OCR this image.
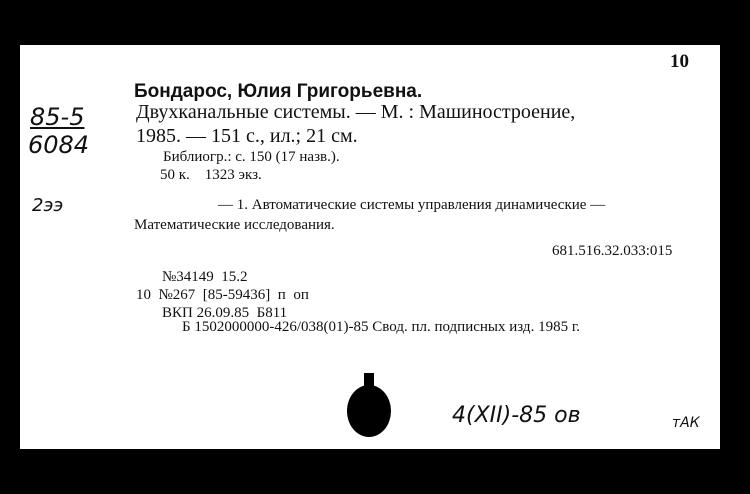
10
Бондарос, Юлия Григорьевна.
Двухканальные системы. — М. : Машиностроение,
1985. — 151 с., ил.; 21 см.
Библиогр.: с. 150 (17 назв.).
50 к.    1323 экз.
— 1. Автоматические системы управления динамические —
Математические исследования.
681.516.32.033:015
№34149  15.2
10  №267  [85-59436]  п  оп
ВКП 26.09.85  Б811
Б 1502000000-426/038(01)-85 Свод. пл. подписных изд. 1985 г.
85-5
6084
2ээ
4(XII)-85 ов	тАК
